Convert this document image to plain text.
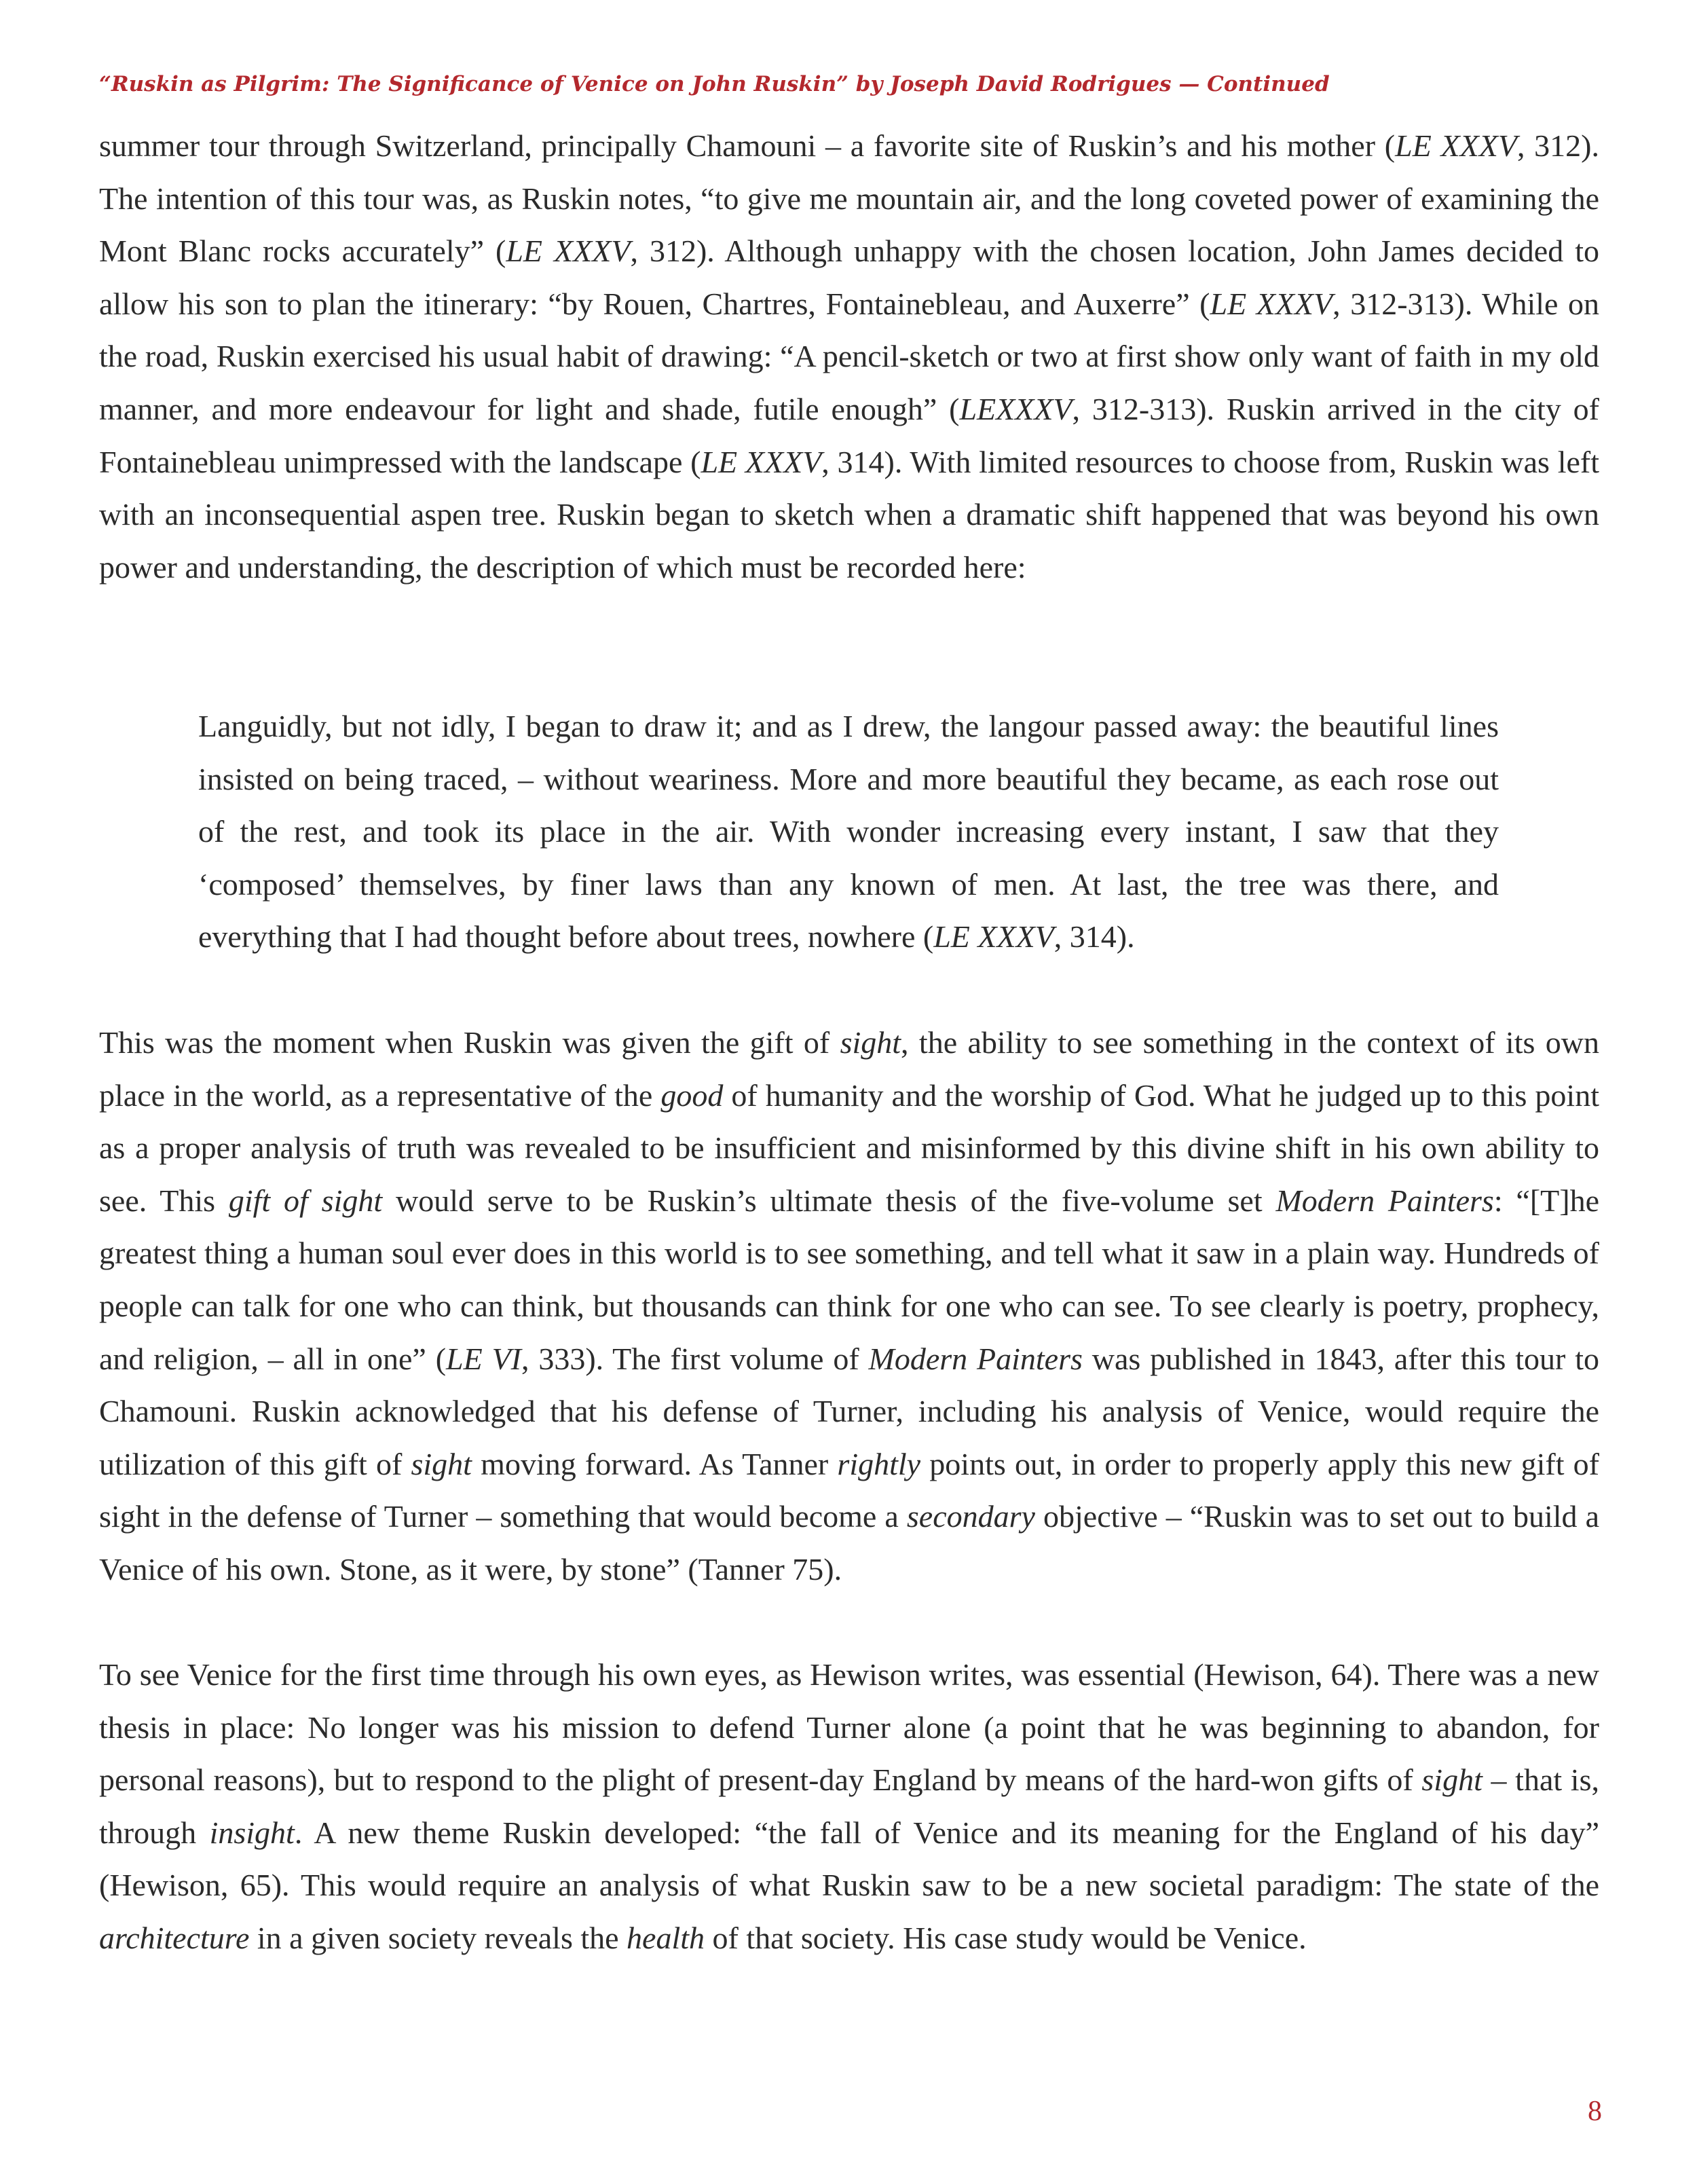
“Ruskin as Pilgrim: The Significance of Venice on John Ruskin” by Joseph David Rodrigues — Continued

summer tour through Switzerland, principally Chamouni – a favorite site of Ruskin’s and his mother (LE XXXV, 312). The intention of this tour was, as Ruskin notes, “to give me mountain air, and the long coveted power of examining the Mont Blanc rocks accurately” (LE XXXV, 312). Although unhappy with the chosen location, John James decided to allow his son to plan the itinerary: “by Rouen, Chartres, Fontainebleau, and Auxerre” (LE XXXV, 312-313). While on the road, Ruskin exercised his usual habit of drawing: “A pencil-sketch or two at first show only want of faith in my old manner, and more endeavour for light and shade, futile enough” (LEXXXV, 312-313). Ruskin arrived in the city of Fontainebleau unimpressed with the landscape (LE XXXV, 314). With limited resources to choose from, Ruskin was left with an inconsequential aspen tree. Ruskin began to sketch when a dramatic shift happened that was beyond his own power and understanding, the description of which must be recorded here:

Languidly, but not idly, I began to draw it; and as I drew, the langour passed away: the beautiful lines insisted on being traced, – without weariness. More and more beautiful they became, as each rose out of the rest, and took its place in the air. With wonder increasing every instant, I saw that they ‘composed’ themselves, by finer laws than any known of men. At last, the tree was there, and everything that I had thought before about trees, nowhere (LE XXXV, 314).

This was the moment when Ruskin was given the gift of sight, the ability to see something in the context of its own place in the world, as a representative of the good of humanity and the worship of God. What he judged up to this point as a proper analysis of truth was revealed to be insufficient and misinformed by this divine shift in his own ability to see. This gift of sight would serve to be Ruskin’s ultimate thesis of the five-volume set Modern Painters: “[T]he greatest thing a human soul ever does in this world is to see something, and tell what it saw in a plain way. Hundreds of people can talk for one who can think, but thousands can think for one who can see. To see clearly is poetry, prophecy, and religion, – all in one” (LE VI, 333). The first volume of Modern Painters was published in 1843, after this tour to Chamouni. Ruskin acknowledged that his defense of Turner, including his analysis of Venice, would require the utilization of this gift of sight moving forward. As Tanner rightly points out, in order to properly apply this new gift of sight in the defense of Turner – something that would become a secondary objective – “Ruskin was to set out to build a Venice of his own. Stone, as it were, by stone” (Tanner 75).

To see Venice for the first time through his own eyes, as Hewison writes, was essential (Hewison, 64). There was a new thesis in place: No longer was his mission to defend Turner alone (a point that he was beginning to abandon, for personal reasons), but to respond to the plight of present-day England by means of the hard-won gifts of sight – that is, through insight. A new theme Ruskin developed: “the fall of Venice and its meaning for the England of his day” (Hewison, 65). This would require an analysis of what Ruskin saw to be a new societal paradigm: The state of the architecture in a given society reveals the health of that society. His case study would be Venice.

8
